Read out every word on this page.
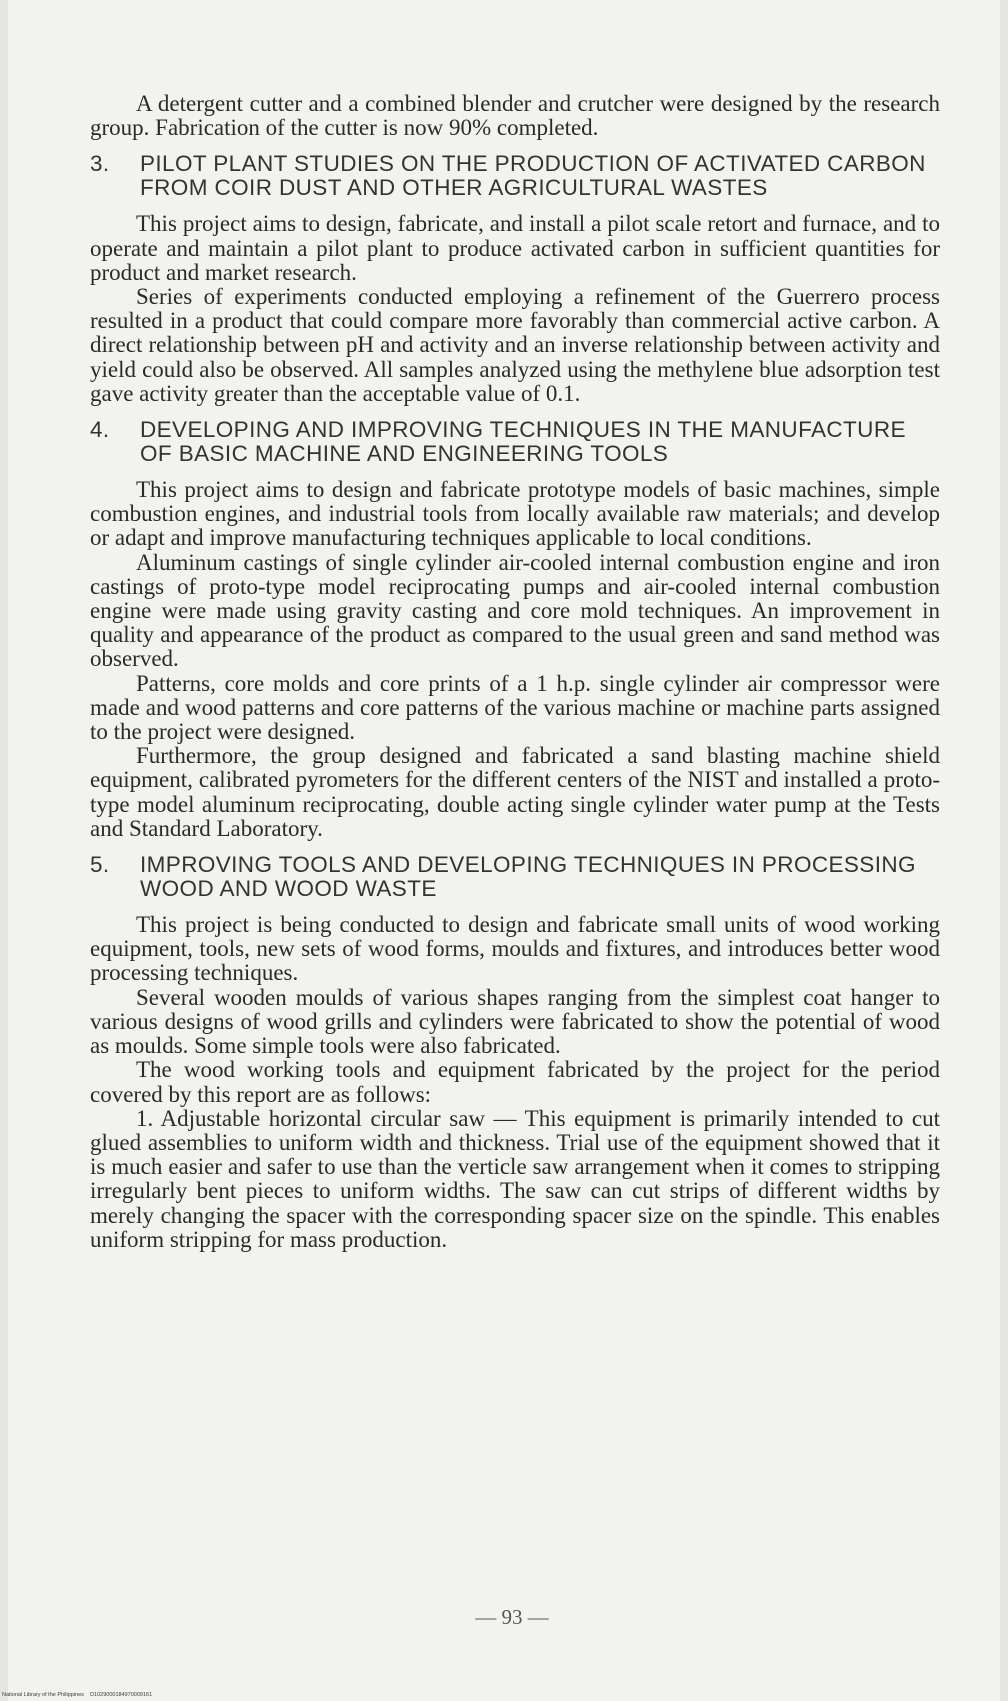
A detergent cutter and a combined blender and crutcher were designed by the research group. Fabrication of the cutter is now 90% completed.

3.	PILOT PLANT STUDIES ON THE PRODUCTION OF ACTIVATED CARBON FROM COIR DUST AND OTHER AGRICULTURAL WASTES

This project aims to design, fabricate, and install a pilot scale retort and furnace, and to operate and maintain a pilot plant to produce activated carbon in sufficient quantities for product and market research.

Series of experiments conducted employing a refinement of the Guerrero process resulted in a product that could compare more favorably than commercial active carbon. A direct relationship between pH and activity and an inverse relationship between activity and yield could also be observed. All samples analyzed using the methylene blue adsorption test gave activity greater than the acceptable value of 0.1.

4.	DEVELOPING AND IMPROVING TECHNIQUES IN THE MANUFACTURE OF BASIC MACHINE AND ENGINEERING TOOLS

This project aims to design and fabricate prototype models of basic machines, simple combustion engines, and industrial tools from locally available raw materials; and develop or adapt and improve manufacturing techniques applicable to local conditions.

Aluminum castings of single cylinder air-cooled internal combustion engine and iron castings of proto-type model reciprocating pumps and air-cooled internal combustion engine were made using gravity casting and core mold techniques. An improvement in quality and appearance of the product as compared to the usual green and sand method was observed.

Patterns, core molds and core prints of a 1 h.p. single cylinder air compressor were made and wood patterns and core patterns of the various machine or machine parts assigned to the project were designed.

Furthermore, the group designed and fabricated a sand blasting machine shield equipment, calibrated pyrometers for the different centers of the NIST and installed a proto-type model aluminum reciprocating, double acting single cylinder water pump at the Tests and Standard Laboratory.

5.	IMPROVING TOOLS AND DEVELOPING TECHNIQUES IN PROCESSING WOOD AND WOOD WASTE

This project is being conducted to design and fabricate small units of wood working equipment, tools, new sets of wood forms, moulds and fixtures, and introduces better wood processing techniques.

Several wooden moulds of various shapes ranging from the simplest coat hanger to various designs of wood grills and cylinders were fabricated to show the potential of wood as moulds. Some simple tools were also fabricated.

The wood working tools and equipment fabricated by the project for the period covered by this report are as follows:

1. Adjustable horizontal circular saw — This equipment is primarily intended to cut glued assemblies to uniform width and thickness. Trial use of the equipment showed that it is much easier and safer to use than the verticle saw arrangement when it comes to stripping irregularly bent pieces to uniform widths. The saw can cut strips of different widths by merely changing the spacer with the corresponding spacer size on the spindle. This enables uniform stripping for mass production.

— 93 —
National Library of the Philippines D1029000184970009161
